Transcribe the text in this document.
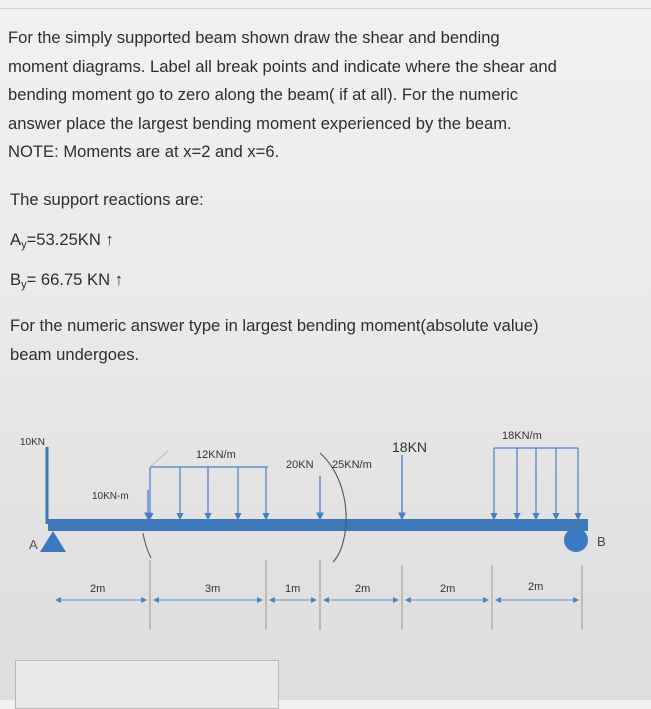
For the simply supported beam shown draw the shear and bending

moment diagrams. Label all break points and indicate where the shear and

bending moment go to zero along the beam( if at all). For the numeric

answer place the largest bending moment experienced by the beam.

NOTE: Moments are at x=2 and x=6.

The support reactions are:
$A_y=53.25KN$ ↑
$B_y= 66.75$ KN ↑
For the numeric answer type in largest bending moment(absolute value)
beam undergoes.
10KN
A
10KN-m
12KN/m
20KN 25KN/m
18KN
18KN/m
B
2m	3m	1m	2m	2m	2m
